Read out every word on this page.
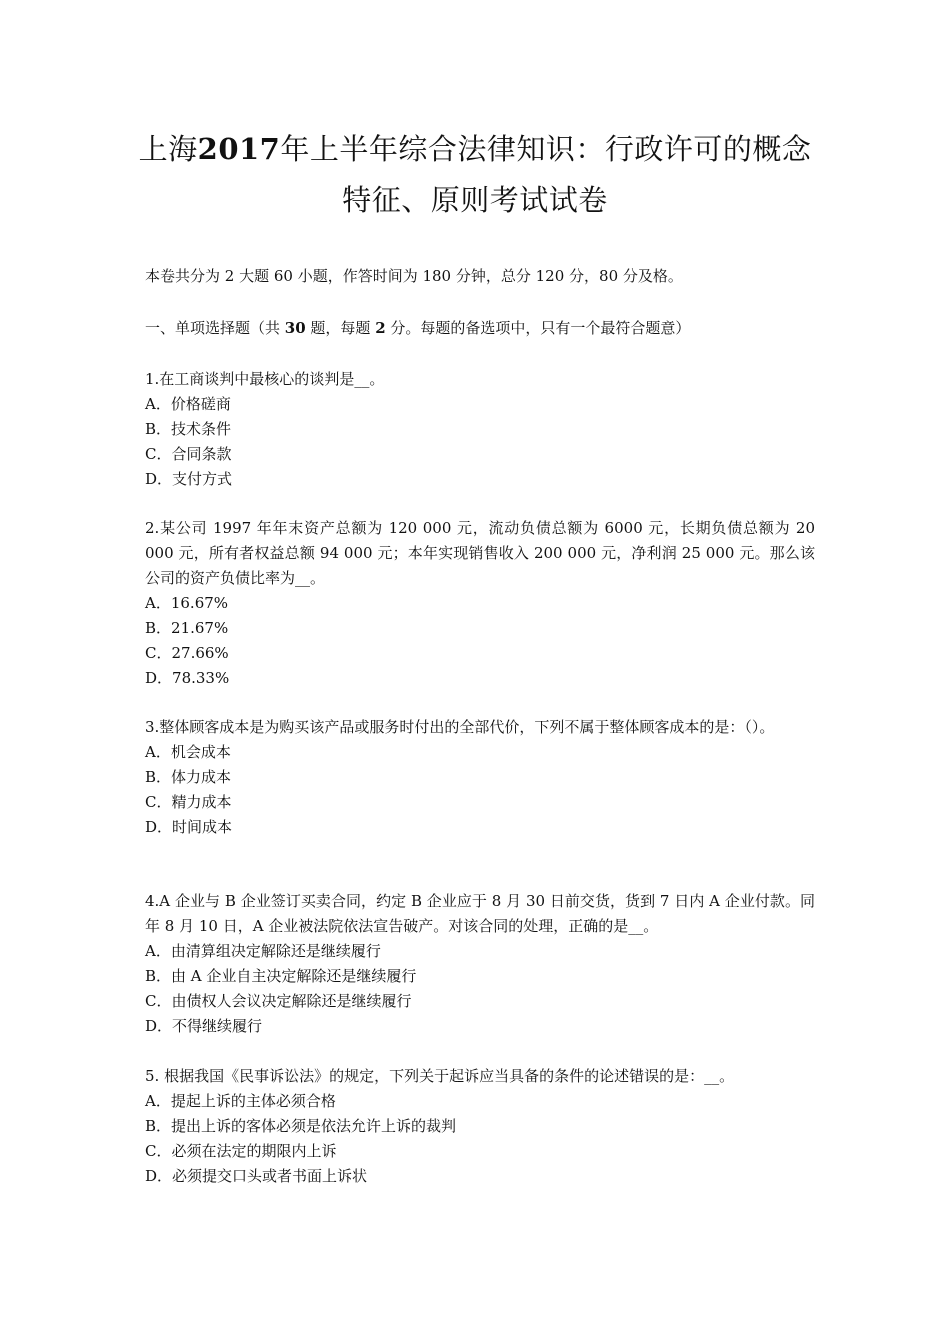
上海2017年上半年综合法律知识：行政许可的概念
特征、原则考试试卷
本卷共分为 2 大题 60 小题，作答时间为 180 分钟，总分 120 分，80 分及格。
一、单项选择题（共 30 题，每题 2 分。每题的备选项中，只有一个最符合题意）
1.在工商谈判中最核心的谈判是__。
A．价格磋商
B．技术条件
C．合同条款
D．支付方式
2.某公司 1997 年年末资产总额为 120 000 元，流动负债总额为 6000 元，长期负债总额为 20 000 元，所有者权益总额 94 000 元；本年实现销售收入 200 000 元，净利润 25 000 元。那么该公司的资产负债比率为__。
A．16.67%
B．21.67%
C．27.66%
D．78.33%
3.整体顾客成本是为购买该产品或服务时付出的全部代价，下列不属于整体顾客成本的是：（）。
A．机会成本
B．体力成本
C．精力成本
D．时间成本
4.A 企业与 B 企业签订买卖合同，约定 B 企业应于 8 月 30 日前交货，货到 7 日内 A 企业付款。同年 8 月 10 日，A 企业被法院依法宣告破产。对该合同的处理，正确的是__。
A．由清算组决定解除还是继续履行
B．由 A 企业自主决定解除还是继续履行
C．由债权人会议决定解除还是继续履行
D．不得继续履行
5. 根据我国《民事诉讼法》的规定，下列关于起诉应当具备的条件的论述错误的是：__。
A．提起上诉的主体必须合格
B．提出上诉的客体必须是依法允许上诉的裁判
C．必须在法定的期限内上诉
D．必须提交口头或者书面上诉状
